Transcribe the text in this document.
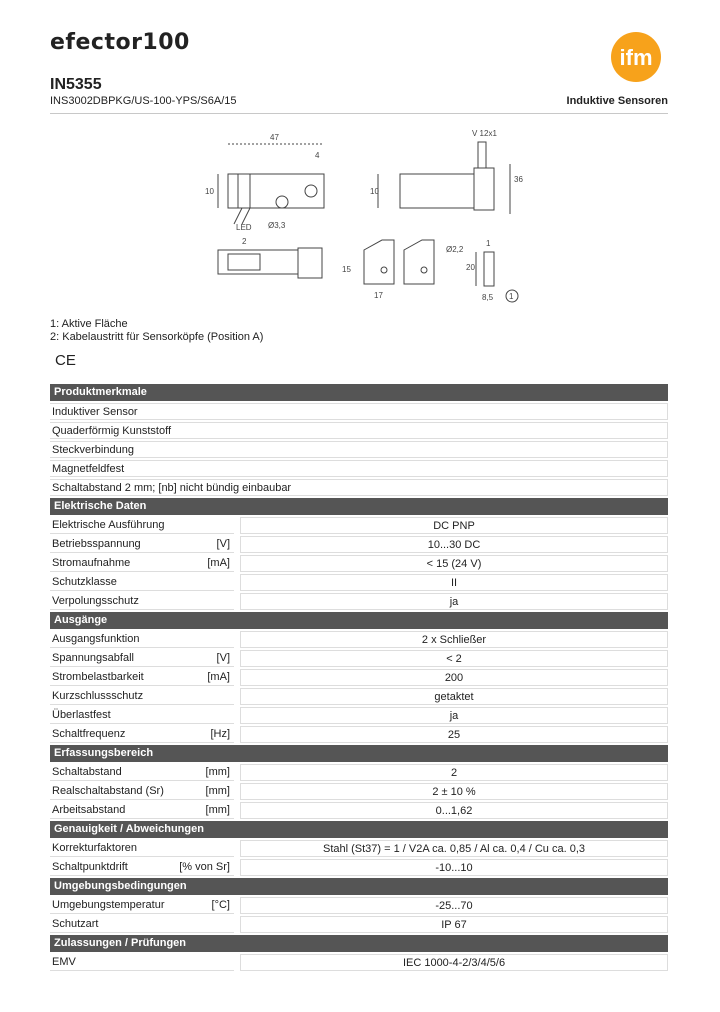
efector100
ifm
IN5355
INS3002DBPKG/US-100-YPS/S6A/15	Induktive Sensoren
47
4
10
LED Ø3,3
2
V 12x1
10
36
8,5
Ø2,2
15
17
20
1
1
1: Aktive Fläche
2: Kabelaustritt für Sensorköpfe (Position A)
CE
Produktmerkmale
Induktiver Sensor
Quaderförmig Kunststoff
Steckverbindung
Magnetfeldfest
Schaltabstand 2 mm; [nb] nicht bündig einbaubar
Elektrische Daten
Elektrische Ausführung	DC PNP
Betriebsspannung	[V]	10...30 DC
Stromaufnahme	[mA]	< 15 (24 V)
Schutzklasse	II
Verpolungsschutz	ja
Ausgänge
Ausgangsfunktion	2 x Schließer
Spannungsabfall	[V]	< 2
Strombelastbarkeit	[mA]	200
Kurzschlussschutz	getaktet
Überlastfest	ja
Schaltfrequenz	[Hz]	25
Erfassungsbereich
Schaltabstand	[mm]	2
Realschaltabstand (Sr)	[mm]	2 ± 10 %
Arbeitsabstand	[mm]	0...1,62
Genauigkeit / Abweichungen
Korrekturfaktoren	Stahl (St37) = 1 / V2A ca. 0,85 / Al ca. 0,4 / Cu ca. 0,3
Schaltpunktdrift	[% von Sr]	-10...10
Umgebungsbedingungen
Umgebungstemperatur	[°C]	-25...70
Schutzart	IP 67
Zulassungen / Prüfungen
EMV	IEC 1000-4-2/3/4/5/6
